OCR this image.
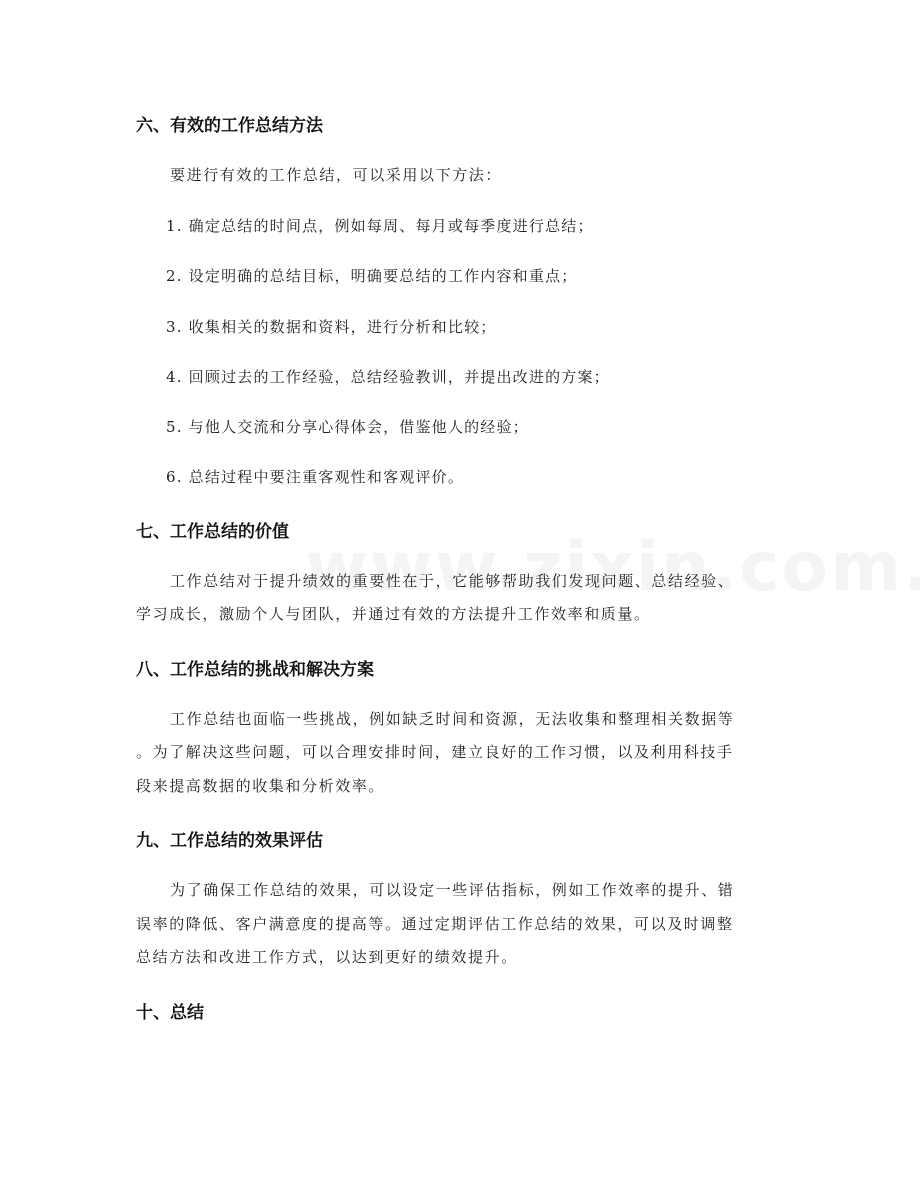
六、有效的工作总结方法

要进行有效的工作总结，可以采用以下方法：

1. 确定总结的时间点，例如每周、每月或每季度进行总结；

2. 设定明确的总结目标，明确要总结的工作内容和重点；

3. 收集相关的数据和资料，进行分析和比较；

4. 回顾过去的工作经验，总结经验教训，并提出改进的方案；

5. 与他人交流和分享心得体会，借鉴他人的经验；

6. 总结过程中要注重客观性和客观评价。

七、工作总结的价值

工作总结对于提升绩效的重要性在于，它能够帮助我们发现问题、总结经验、

学习成长，激励个人与团队，并通过有效的方法提升工作效率和质量。

八、工作总结的挑战和解决方案

工作总结也面临一些挑战，例如缺乏时间和资源，无法收集和整理相关数据等

。为了解决这些问题，可以合理安排时间，建立良好的工作习惯，以及利用科技手

段来提高数据的收集和分析效率。

九、工作总结的效果评估

为了确保工作总结的效果，可以设定一些评估指标，例如工作效率的提升、错

误率的降低、客户满意度的提高等。通过定期评估工作总结的效果，可以及时调整

总结方法和改进工作方式，以达到更好的绩效提升。

十、总结
